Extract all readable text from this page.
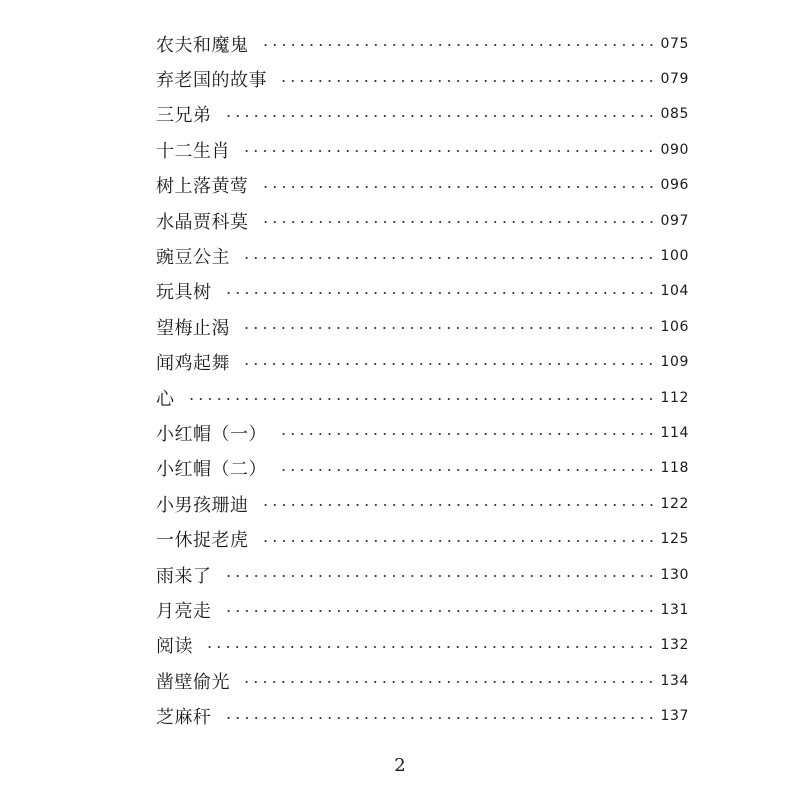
农夫和魔鬼	075
弃老国的故事	079
三兄弟	085
十二生肖	090
树上落黄莺	096
水晶贾科莫	097
豌豆公主	100
玩具树	104
望梅止渴	106
闻鸡起舞	109
心	112
小红帽（一）	114
小红帽（二）	118
小男孩珊迪	122
一休捉老虎	125
雨来了	130
月亮走	131
阅读	132
凿壁偷光	134
芝麻秆	137
2
